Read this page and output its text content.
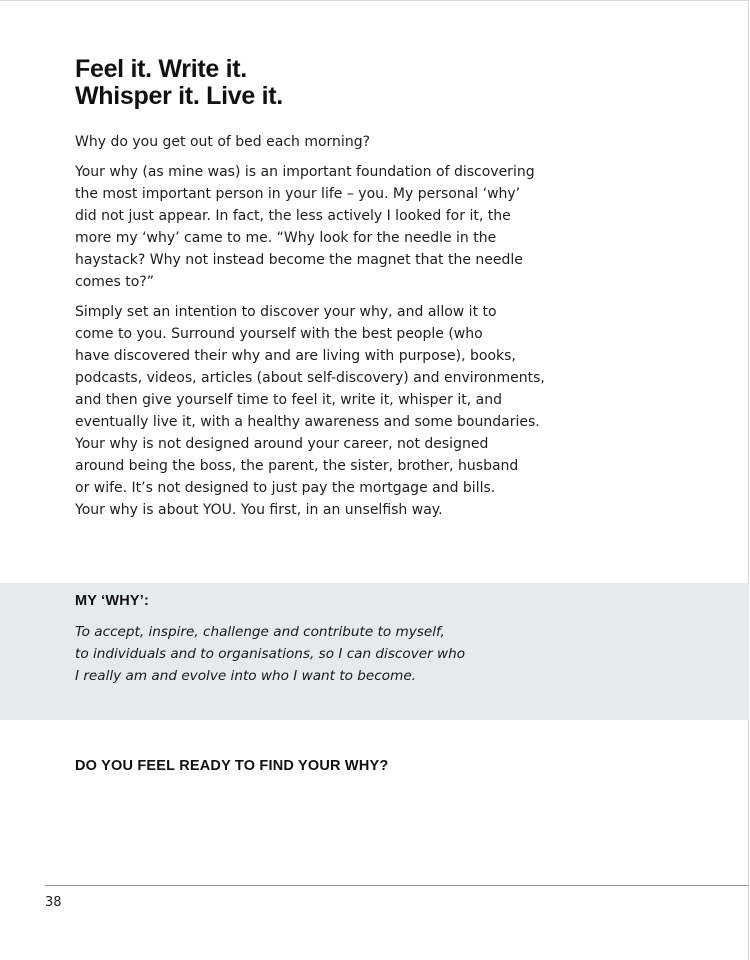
Feel it. Write it.
Whisper it. Live it.

Why do you get out of bed each morning?

Your why (as mine was) is an important foundation of discovering
the most important person in your life – you. My personal ‘why’
did not just appear. In fact, the less actively I looked for it, the
more my ‘why’ came to me. “Why look for the needle in the
haystack? Why not instead become the magnet that the needle
comes to?”

Simply set an intention to discover your why, and allow it to
come to you. Surround yourself with the best people (who
have discovered their why and are living with purpose), books,
podcasts, videos, articles (about self-discovery) and environments,
and then give yourself time to feel it, write it, whisper it, and
eventually live it, with a healthy awareness and some boundaries.
Your why is not designed around your career, not designed
around being the boss, the parent, the sister, brother, husband
or wife. It’s not designed to just pay the mortgage and bills.
Your why is about YOU. You first, in an unselfish way.

MY ‘WHY’:
To accept, inspire, challenge and contribute to myself,
to individuals and to organisations, so I can discover who
I really am and evolve into who I want to become.
DO YOU FEEL READY TO FIND YOUR WHY?
38
